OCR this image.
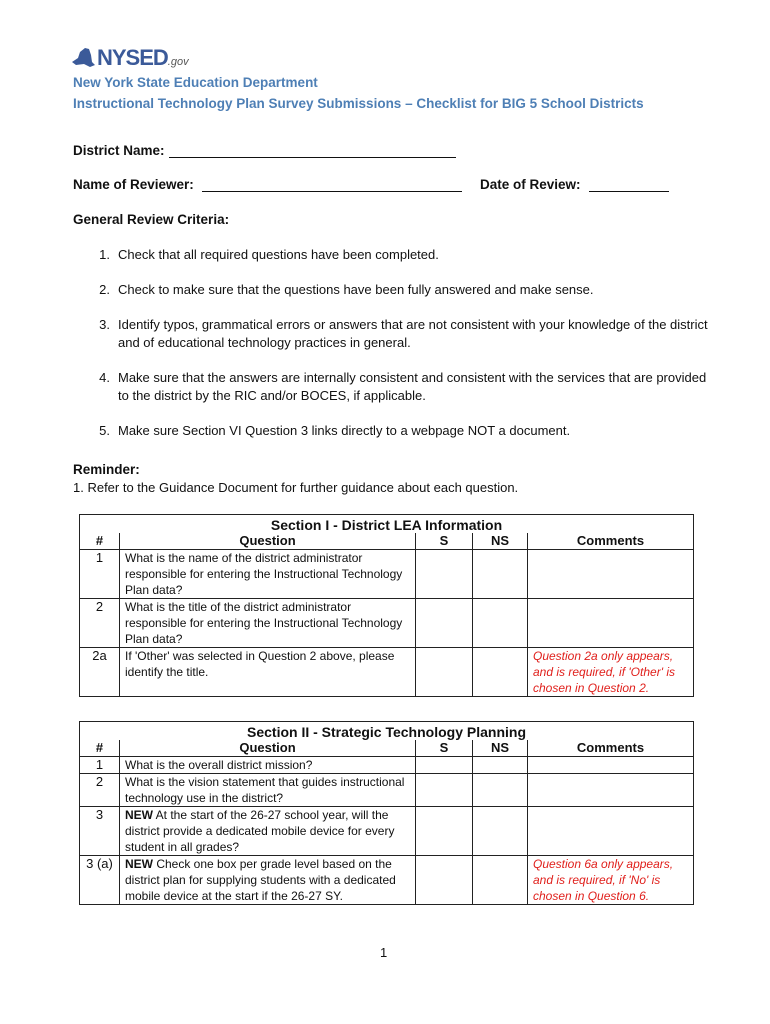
NYSED .gov
New York State Education Department
Instructional Technology Plan Survey Submissions – Checklist for BIG 5 School Districts
District Name:
Name of Reviewer:	Date of Review:
General Review Criteria:
1. Check that all required questions have been completed.
2. Check to make sure that the questions have been fully answered and make sense.
3. Identify typos, grammatical errors or answers that are not consistent with your knowledge of the district and of educational technology practices in general.
4. Make sure that the answers are internally consistent and consistent with the services that are provided to the district by the RIC and/or BOCES, if applicable.
5. Make sure Section VI Question 3 links directly to a webpage NOT a document.
Reminder:
1. Refer to the Guidance Document for further guidance about each question.
Section I - District LEA Information				
#	Question	S	NS	Comments
1	What is the name of the district administrator responsible for entering the Instructional Technology Plan data?			
2	What is the title of the district administrator responsible for entering the Instructional Technology Plan data?			
2a	If 'Other' was selected in Question 2 above, please identify the title.			Question 2a only appears, and is required, if 'Other' is chosen in Question 2.
Section II - Strategic Technology Planning				
#	Question	S	NS	Comments
1	What is the overall district mission?			
2	What is the vision statement that guides instructional technology use in the district?			
3	NEW At the start of the 26-27 school year, will the district provide a dedicated mobile device for every student in all grades?			
3 (a)	NEW Check one box per grade level based on the district plan for supplying students with a dedicated mobile device at the start if the 26-27 SY.			Question 6a only appears, and is required, if 'No' is chosen in Question 6.
1
